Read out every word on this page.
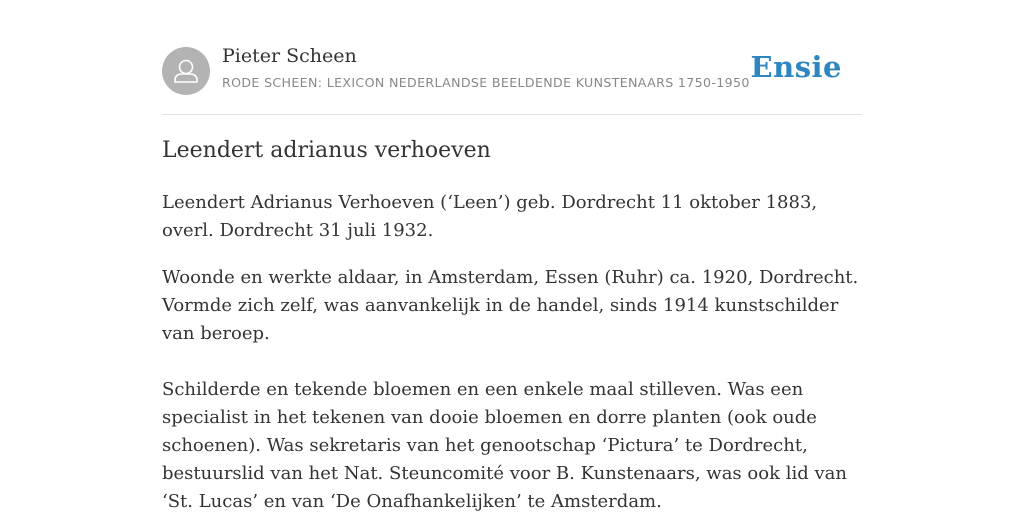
Pieter Scheen
RODE SCHEEN: LEXICON NEDERLANDSE BEELDENDE KUNSTENAARS 1750-1950 Ensie
Leendert adrianus verhoeven

Leendert Adrianus Verhoeven (‘Leen’) geb. Dordrecht 11 oktober 1883, overl. Dordrecht 31 juli 1932.

Woonde en werkte aldaar, in Amsterdam, Essen (Ruhr) ca. 1920, Dordrecht. Vormde zich zelf, was aanvankelijk in de handel, sinds 1914 kunstschilder van beroep.

Schilderde en tekende bloemen en een enkele maal stilleven. Was een specialist in het tekenen van dooie bloemen en dorre planten (ook oude schoenen). Was sekretaris van het genootschap ‘Pictura’ te Dordrecht, bestuurslid van het Nat. Steuncomité voor B. Kunstenaars, was ook lid van ‘St. Lucas’ en van ‘De Onafhankelijken’ te Amsterdam.
